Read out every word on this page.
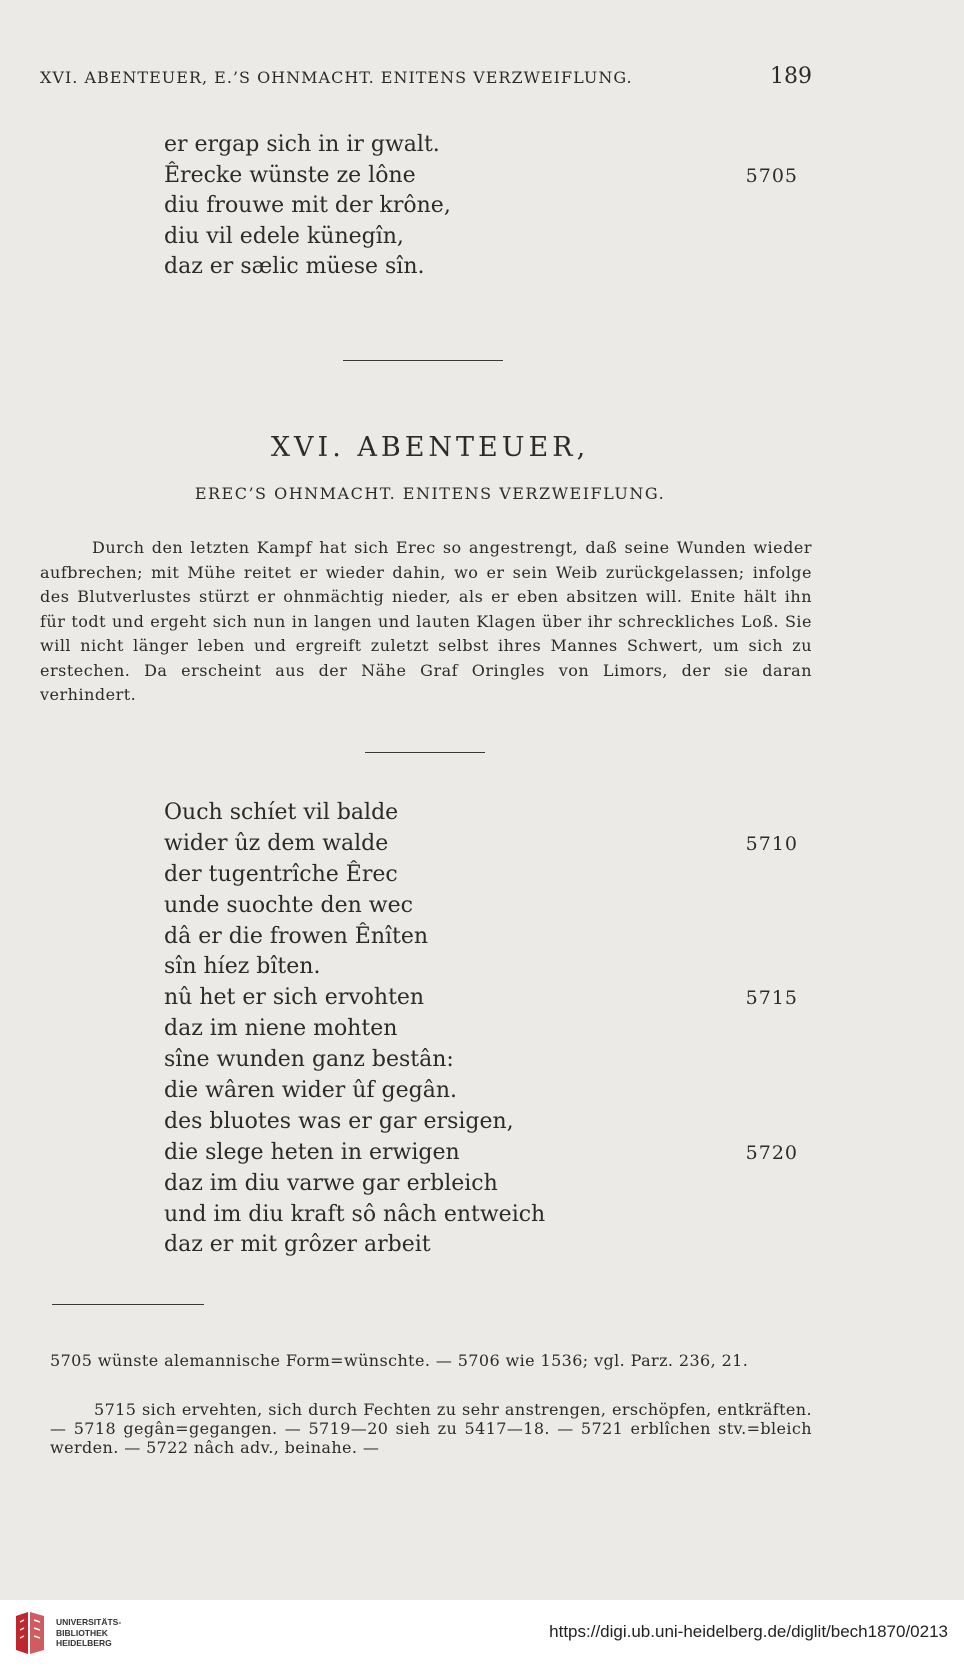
XVI. ABENTEUER, E.’S OHNMACHT. ENITENS VERZWEIFLUNG.	189
er ergap sich in ir gwalt.
Êrecke wünste ze lône	5705
diu frouwe mit der krône,
diu vil edele künegîn,
daz er sælic müese sîn.
XVI. ABENTEUER,
EREC’S OHNMACHT. ENITENS VERZWEIFLUNG.
Durch den letzten Kampf hat sich Erec so angestrengt, daß seine Wunden wieder aufbrechen; mit Mühe reitet er wieder dahin, wo er sein Weib zurückgelassen; infolge des Blutverlustes stürzt er ohnmächtig nieder, als er eben absitzen will. Enite hält ihn für todt und ergeht sich nun in langen und lauten Klagen über ihr schreckliches Loß. Sie will nicht länger leben und ergreift zuletzt selbst ihres Mannes Schwert, um sich zu erstechen. Da erscheint aus der Nähe Graf Oringles von Limors, der sie daran verhindert.
Ouch schíet vil balde
wider ûz dem walde	5710
der tugentrîche Êrec
unde suochte den wec
dâ er die frowen Ênîten
sîn híez bîten.
nû het er sich ervohten	5715
daz im niene mohten
sîne wunden ganz bestân:
die wâren wider ûf gegân.
des bluotes was er gar ersigen,
die slege heten in erwigen	5720
daz im diu varwe gar erbleich
und im diu kraft sô nâch entweich
daz er mit grôzer arbeit

5705 wünste alemannische Form=wünschte. — 5706 wie 1536; vgl. Parz. 236, 21.

5715 sich ervehten, sich durch Fechten zu sehr anstrengen, erschöpfen, entkräften. — 5718 gegân=gegangen. — 5719—20 sieh zu 5417—18. — 5721 erblîchen stv.=bleich werden. — 5722 nâch adv., beinahe. —

UNIVERSITÄTS-
BIBLIOTHEK
HEIDELBERG
https://digi.ub.uni-heidelberg.de/diglit/bech1870/0213
